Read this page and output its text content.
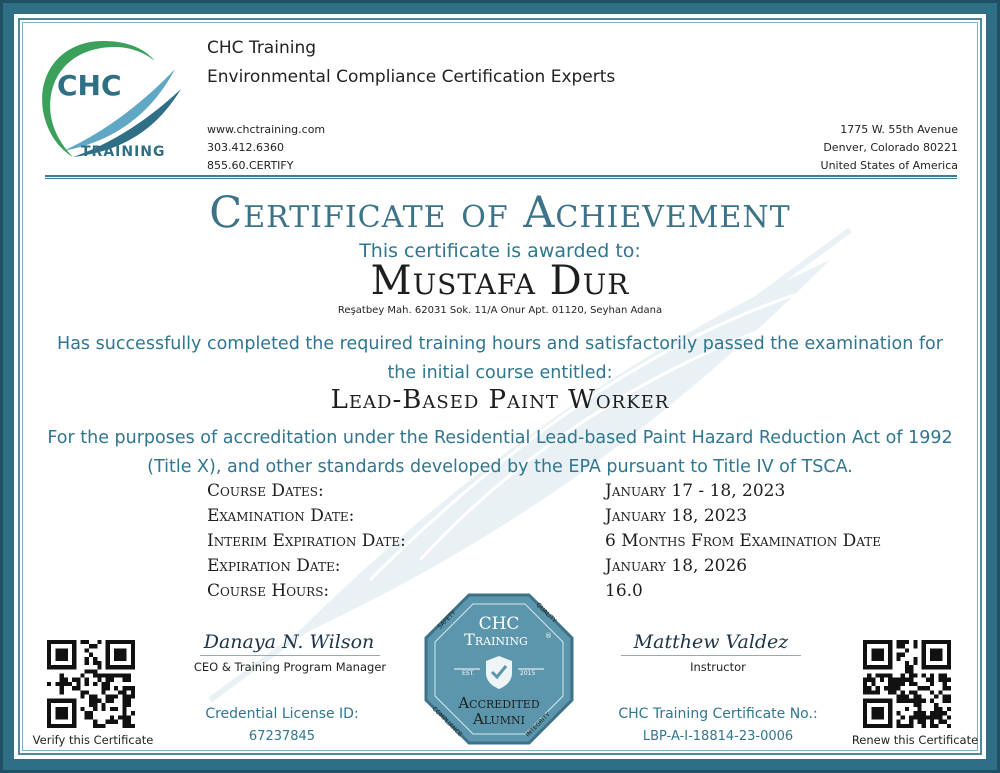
CHC
TRAINING
CHC Training
Environmental Compliance Certification Experts
www.chctraining.com
303.412.6360
855.60.CERTIFY
1775 W. 55th Avenue
Denver, Colorado 80221
United States of America
Certificate of Achievement
This certificate is awarded to:
Mustafa Dur
Reşatbey Mah. 62031 Sok. 11/A Onur Apt. 01120, Seyhan Adana
Has successfully completed the required training hours and satisfactorily passed the examination for the initial course entitled:
Lead-Based Paint Worker
For the purposes of accreditation under the Residential Lead-based Paint Hazard Reduction Act of 1992 (Title X), and other standards developed by the EPA pursuant to Title IV of TSCA.
Course Dates:	January 17 - 18, 2023
Examination Date:	January 18, 2023
Interim Expiration Date:	6 Months From Examination Date
Expiration Date:	January 18, 2026
Course Hours:	16.0
Verify this Certificate	Renew this Certificate
Danaya N. Wilson
CEO & Training Program Manager
Matthew Valdez
Instructor
Credential License ID:
67237845
CHC Training Certificate No.:
LBP-A-I-18814-23-0006
CHC
Training ®
EST.	2015
Accredited
Alumni
SAFETY	QUALITY
COMPLIANCE	INTEGRITY
